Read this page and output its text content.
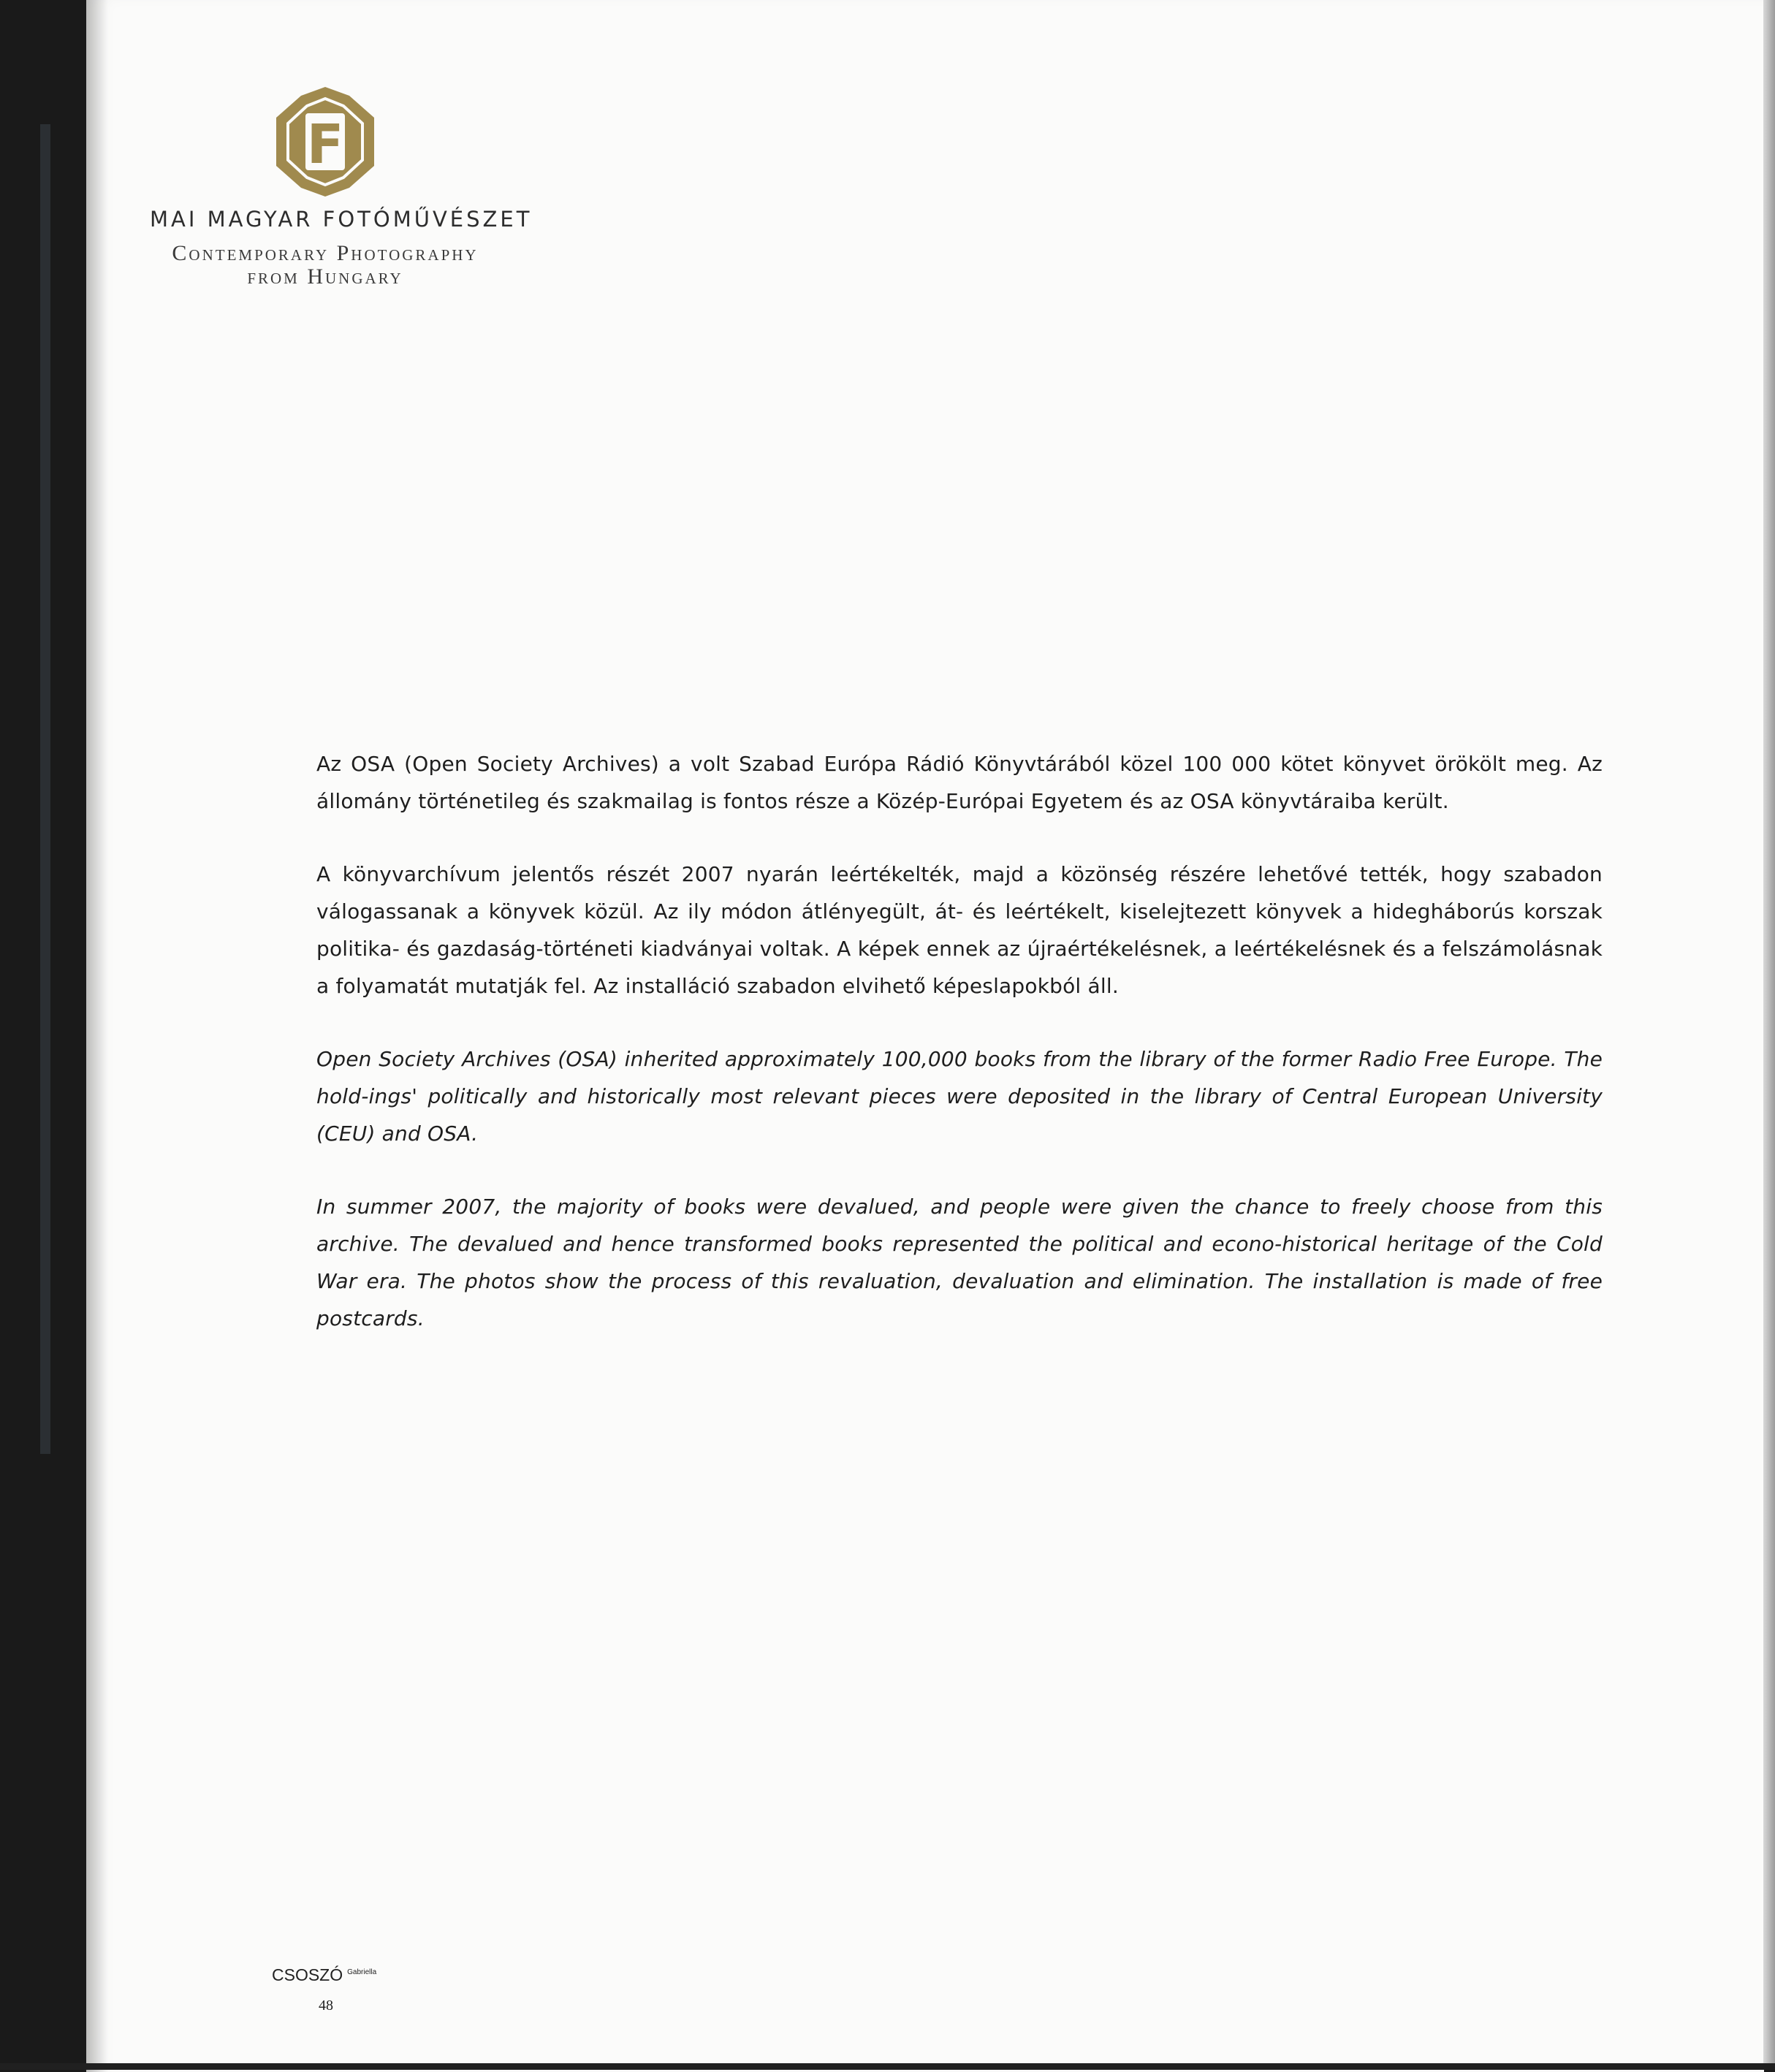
F
MAI MAGYAR FOTÓMŰVÉSZET
Contemporary Photography
from Hungary

Az OSA (Open Society Archives) a volt Szabad Európa Rádió Könyvtárából közel 100 000 kötet könyvet örökölt meg. Az állomány történetileg és szakmailag is fontos része a Közép-Európai Egyetem és az OSA könyvtáraiba került.

A könyvarchívum jelentős részét 2007 nyarán leértékelték, majd a közönség részére lehetővé tették, hogy szabadon válogassanak a könyvek közül. Az ily módon átlényegült, át- és leértékelt, kiselejtezett könyvek a hidegháborús korszak politika- és gazdaság-történeti kiadványai voltak. A képek ennek az újraértékelésnek, a leértékelésnek és a felszámolásnak a folyamatát mutatják fel. Az installáció szabadon elvihető képeslapokból áll.

Open Society Archives (OSA) inherited approximately 100,000 books from the library of the former Radio Free Europe. The hold-ings' politically and historically most relevant pieces were deposited in the library of Central European University (CEU) and OSA.

In summer 2007, the majority of books were devalued, and people were given the chance to freely choose from this archive. The devalued and hence transformed books represented the political and econo-historical heritage of the Cold War era. The photos show the process of this revaluation, devaluation and elimination. The installation is made of free postcards.

CSOSZÓ $^{Gabriella}$
48
